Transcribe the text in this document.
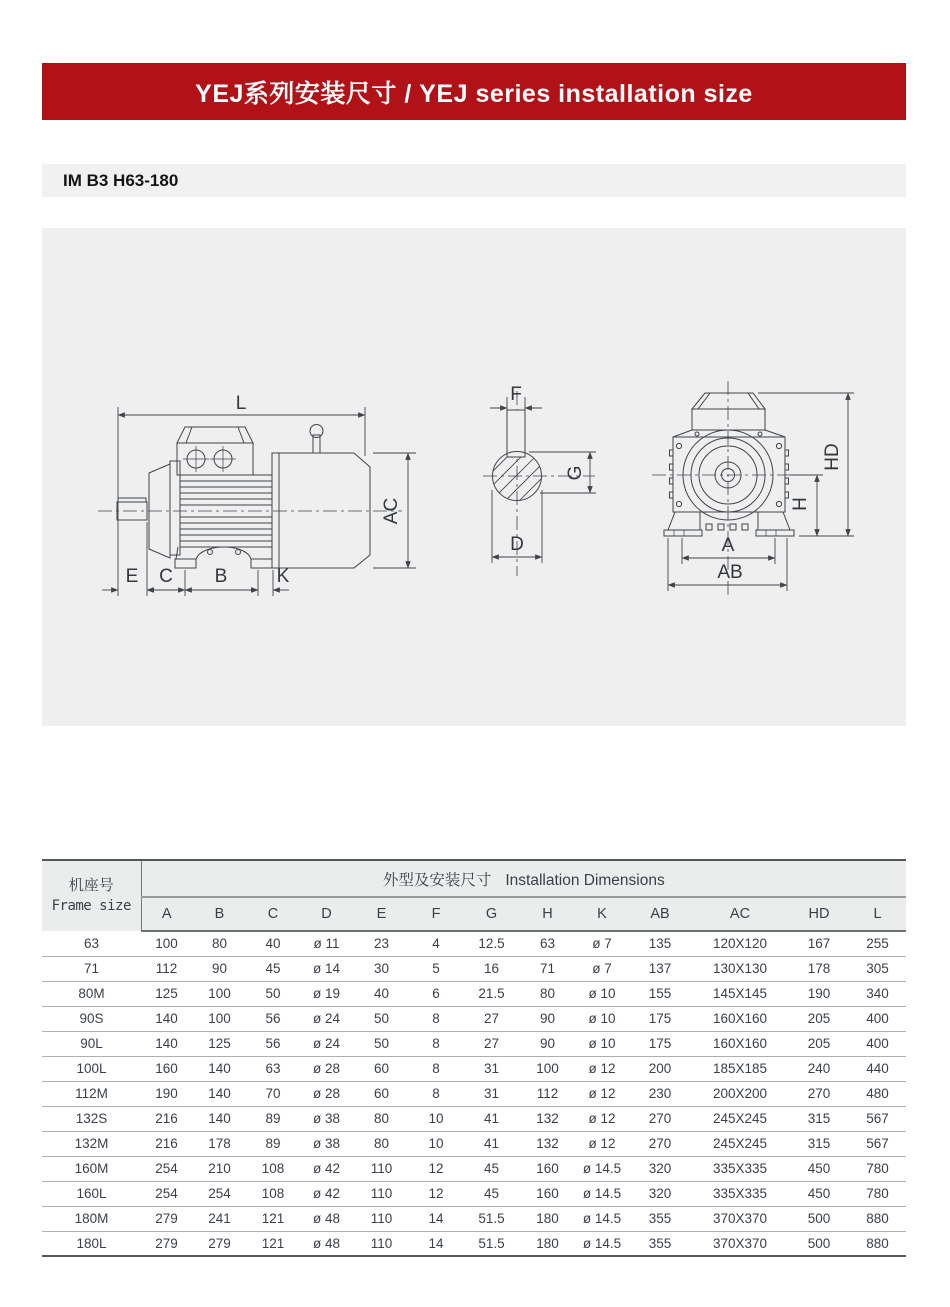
YEJ系列安装尺寸 / YEJ series installation size
IM B3 H63-180
L
AC
E C B	K
F
G
D
HD
H
A
AB
机座号
Frame size

外型及安装尺寸 Installation Dimensions

	A	B	C	D	E	F	G	H	K	AB	AC	HD	L
63	100	80	40	ø 11	23	4	12.5	63	ø 7	135	120X120	167	255
71	112	90	45	ø 14	30	5	16	71	ø 7	137	130X130	178	305
80M	125	100	50	ø 19	40	6	21.5	80	ø 10	155	145X145	190	340
90S	140	100	56	ø 24	50	8	27	90	ø 10	175	160X160	205	400
90L	140	125	56	ø 24	50	8	27	90	ø 10	175	160X160	205	400
100L	160	140	63	ø 28	60	8	31	100	ø 12	200	185X185	240	440
112M	190	140	70	ø 28	60	8	31	112	ø 12	230	200X200	270	480
132S	216	140	89	ø 38	80	10	41	132	ø 12	270	245X245	315	567
132M	216	178	89	ø 38	80	10	41	132	ø 12	270	245X245	315	567
160M	254	210	108	ø 42	110	12	45	160	ø 14.5	320	335X335	450	780
160L	254	254	108	ø 42	110	12	45	160	ø 14.5	320	335X335	450	780
180M	279	241	121	ø 48	110	14	51.5	180	ø 14.5	355	370X370	500	880
180L	279	279	121	ø 48	110	14	51.5	180	ø 14.5	355	370X370	500	880
